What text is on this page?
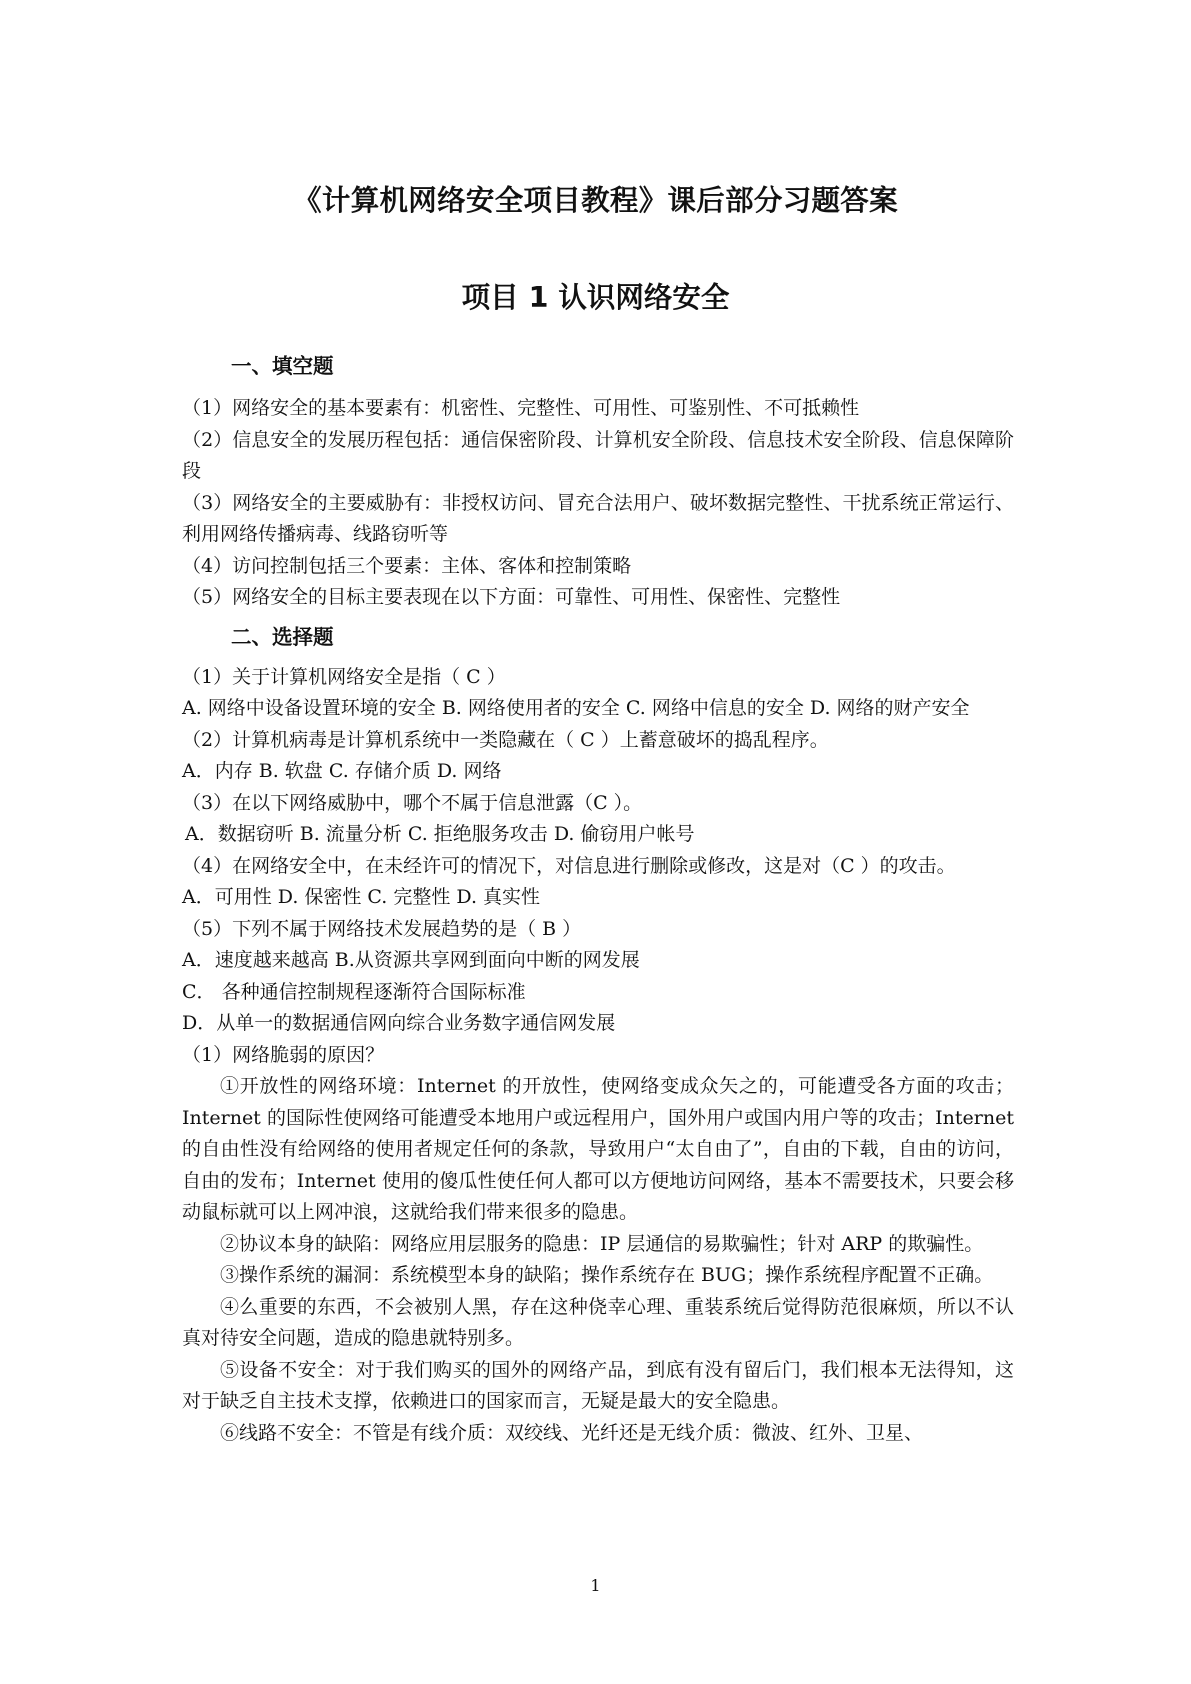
《计算机网络安全项目教程》课后部分习题答案
项目 1 认识网络安全

一、填空题

（1）网络安全的基本要素有：机密性、完整性、可用性、可鉴别性、不可抵赖性

（2）信息安全的发展历程包括：通信保密阶段、计算机安全阶段、信息技术安全阶段、信息保障阶段

（3）网络安全的主要威胁有：非授权访问、冒充合法用户、破坏数据完整性、干扰系统正常运行、利用网络传播病毒、线路窃听等

（4）访问控制包括三个要素：主体、客体和控制策略

（5）网络安全的目标主要表现在以下方面：可靠性、可用性、保密性、完整性

二、选择题

（1）关于计算机网络安全是指（ C ）

A. 网络中设备设置环境的安全 B. 网络使用者的安全 C. 网络中信息的安全 D. 网络的财产安全

（2）计算机病毒是计算机系统中一类隐藏在（ C ）上蓄意破坏的捣乱程序。

A．内存 B. 软盘 C. 存储介质 D. 网络

（3）在以下网络威胁中，哪个不属于信息泄露（C ）。

A．数据窃听 B. 流量分析 C. 拒绝服务攻击 D. 偷窃用户帐号

（4）在网络安全中，在未经许可的情况下，对信息进行删除或修改，这是对（C ）的攻击。

A．可用性 D. 保密性 C. 完整性 D. 真实性

（5）下列不属于网络技术发展趋势的是（ B ）

A．速度越来越高 B.从资源共享网到面向中断的网发展

C． 各种通信控制规程逐渐符合国际标准

D．从单一的数据通信网向综合业务数字通信网发展

（1）网络脆弱的原因？

①开放性的网络环境：Internet 的开放性，使网络变成众矢之的，可能遭受各方面的攻击；Internet 的国际性使网络可能遭受本地用户或远程用户，国外用户或国内用户等的攻击；Internet 的自由性没有给网络的使用者规定任何的条款，导致用户“太自由了”，自由的下载，自由的访问，自由的发布；Internet 使用的傻瓜性使任何人都可以方便地访问网络，基本不需要技术，只要会移动鼠标就可以上网冲浪，这就给我们带来很多的隐患。

②协议本身的缺陷：网络应用层服务的隐患：IP 层通信的易欺骗性；针对 ARP 的欺骗性。

③操作系统的漏洞：系统模型本身的缺陷；操作系统存在 BUG；操作系统程序配置不正确。

④么重要的东西，不会被别人黑，存在这种侥幸心理、重装系统后觉得防范很麻烦，所以不认真对待安全问题，造成的隐患就特别多。

⑤设备不安全：对于我们购买的国外的网络产品，到底有没有留后门，我们根本无法得知，这对于缺乏自主技术支撑，依赖进口的国家而言，无疑是最大的安全隐患。

⑥线路不安全：不管是有线介质：双绞线、光纤还是无线介质：微波、红外、卫星、

1
